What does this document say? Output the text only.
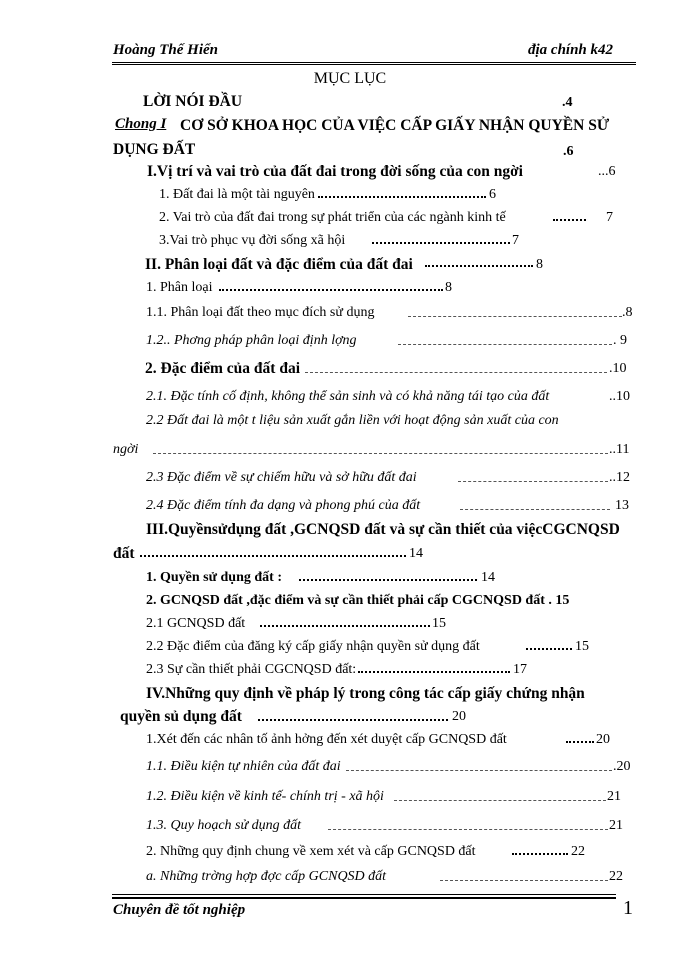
Hoàng Thế Hiển	địa chính k42
MỤC LỤC
LỜI NÓI ĐẦU	.4
Chong I CƠ SỞ KHOA HỌC CỦA VIỆC CẤP GIẤY NHẬN QUYỀN SỬ
DỤNG ĐẤT	.6
I.Vị trí và vai trò của đất đai trong đời sống của con ngời	...6
1. Đất đai là một tài nguyên	6
2. Vai trò của đất đai trong sự phát triển của các ngành kinh tế	7
3.Vai trò phục vụ đời sống xã hội	7
II. Phân loại đất và đặc điểm của đất đai	8
1. Phân loại	8
1.1. Phân loại đất theo mục đích sử dụng	.8
1.2.. Phơng pháp phân loại định lợng	. 9
2. Đặc điểm của đất đai	.10
2.1. Đặc tính cố định, không thể sản sinh và có khả năng tái tạo của đất	..10
2.2 Đất đai là một t liệu sản xuất gắn liền với hoạt động sản xuất của con
ngời	..11
2.3 Đặc điểm về sự chiếm hữu và sở hữu đất đai	..12
2.4 Đặc điểm tính đa dạng và phong phú của đất	13
III.Quyềnsửdụng đất ,GCNQSD đất và sự cần thiết của việcCGCNQSD
đất	14
1. Quyền sử dụng đất :	14
2. GCNQSD đất ,đặc điểm và sự cần thiết phải cấp CGCNQSD đất . 15
2.1 GCNQSD đất	15
2.2 Đặc điểm của đăng ký cấp giấy nhận quyền sử dụng đất	15
2.3 Sự cần thiết phải CGCNQSD đất:	17
IV.Những quy định về pháp lý trong công tác cấp giấy chứng nhận
quyền sủ dụng đất	20
1.Xét đến các nhân tố ảnh hởng đến xét duyệt cấp GCNQSD đất	20
1.1. Điều kiện tự nhiên của đất đai	.20
1.2. Điều kiện về kinh tế- chính trị - xã hội	21
1.3. Quy hoạch sử dụng đất	21
2. Những quy định chung về xem xét và cấp GCNQSD đất	22
a. Những trờng hợp đợc cấp GCNQSD đất	22
Chuyên đề tốt nghiệp	1
